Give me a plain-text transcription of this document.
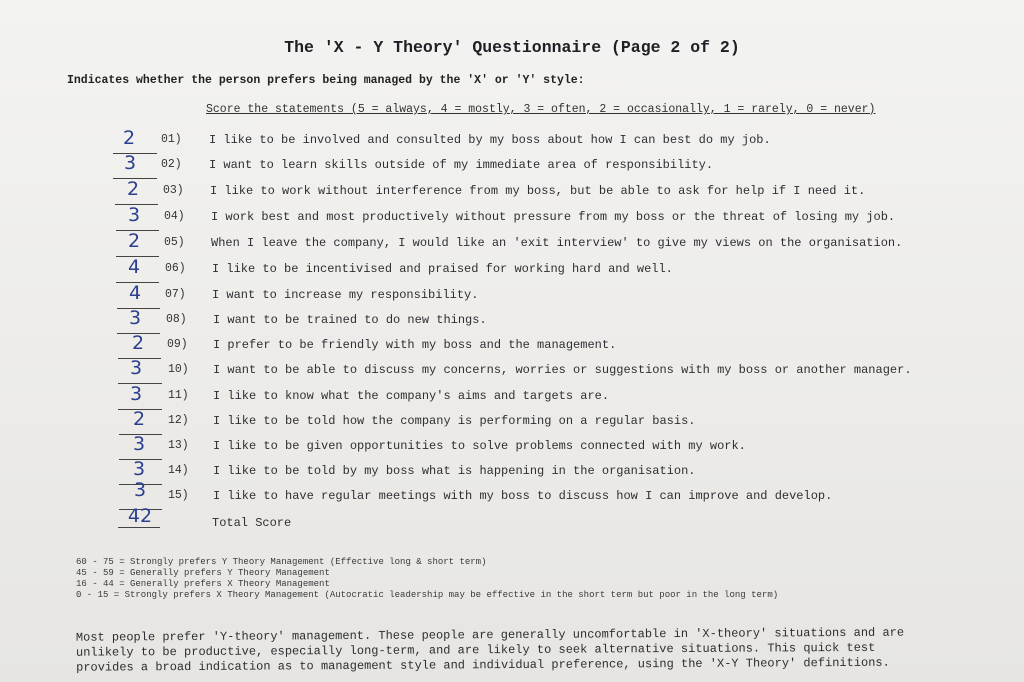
The 'X - Y Theory' Questionnaire (Page 2 of 2)
Indicates whether the person prefers being managed by the 'X' or 'Y' style:
Score the statements (5 = always, 4 = mostly, 3 = often, 2 = occasionally, 1 = rarely, 0 = never)
2	01) I like to be involved and consulted by my boss about how I can best do my job.
3	02) I want to learn skills outside of my immediate area of responsibility.
2	03) I like to work without interference from my boss, but be able to ask for help if I need it.
3	04) I work best and most productively without pressure from my boss or the threat of losing my job.
2	05) When I leave the company, I would like an 'exit interview' to give my views on the organisation.
4	06) I like to be incentivised and praised for working hard and well.
4	07) I want to increase my responsibility.
3	08) I want to be trained to do new things.
2	09) I prefer to be friendly with my boss and the management.
3	10) I want to be able to discuss my concerns, worries or suggestions with my boss or another manager.
3	11) I like to know what the company's aims and targets are.
2	12) I like to be told how the company is performing on a regular basis.
3	13) I like to be given opportunities to solve problems connected with my work.
3	14) I like to be told by my boss what is happening in the organisation.
3	15) I like to have regular meetings with my boss to discuss how I can improve and develop.
42	Total Score
60 - 75 = Strongly prefers Y Theory Management (Effective long & short term)
45 - 59 = Generally prefers Y Theory Management
16 - 44 = Generally prefers X Theory Management
0 - 15 = Strongly prefers X Theory Management (Autocratic leadership may be effective in the short term but poor in the long term)
Most people prefer 'Y-theory' management. These people are generally uncomfortable in 'X-theory' situations and are
unlikely to be productive, especially long-term, and are likely to seek alternative situations. This quick test
provides a broad indication as to management style and individual preference, using the 'X-Y Theory' definitions.
